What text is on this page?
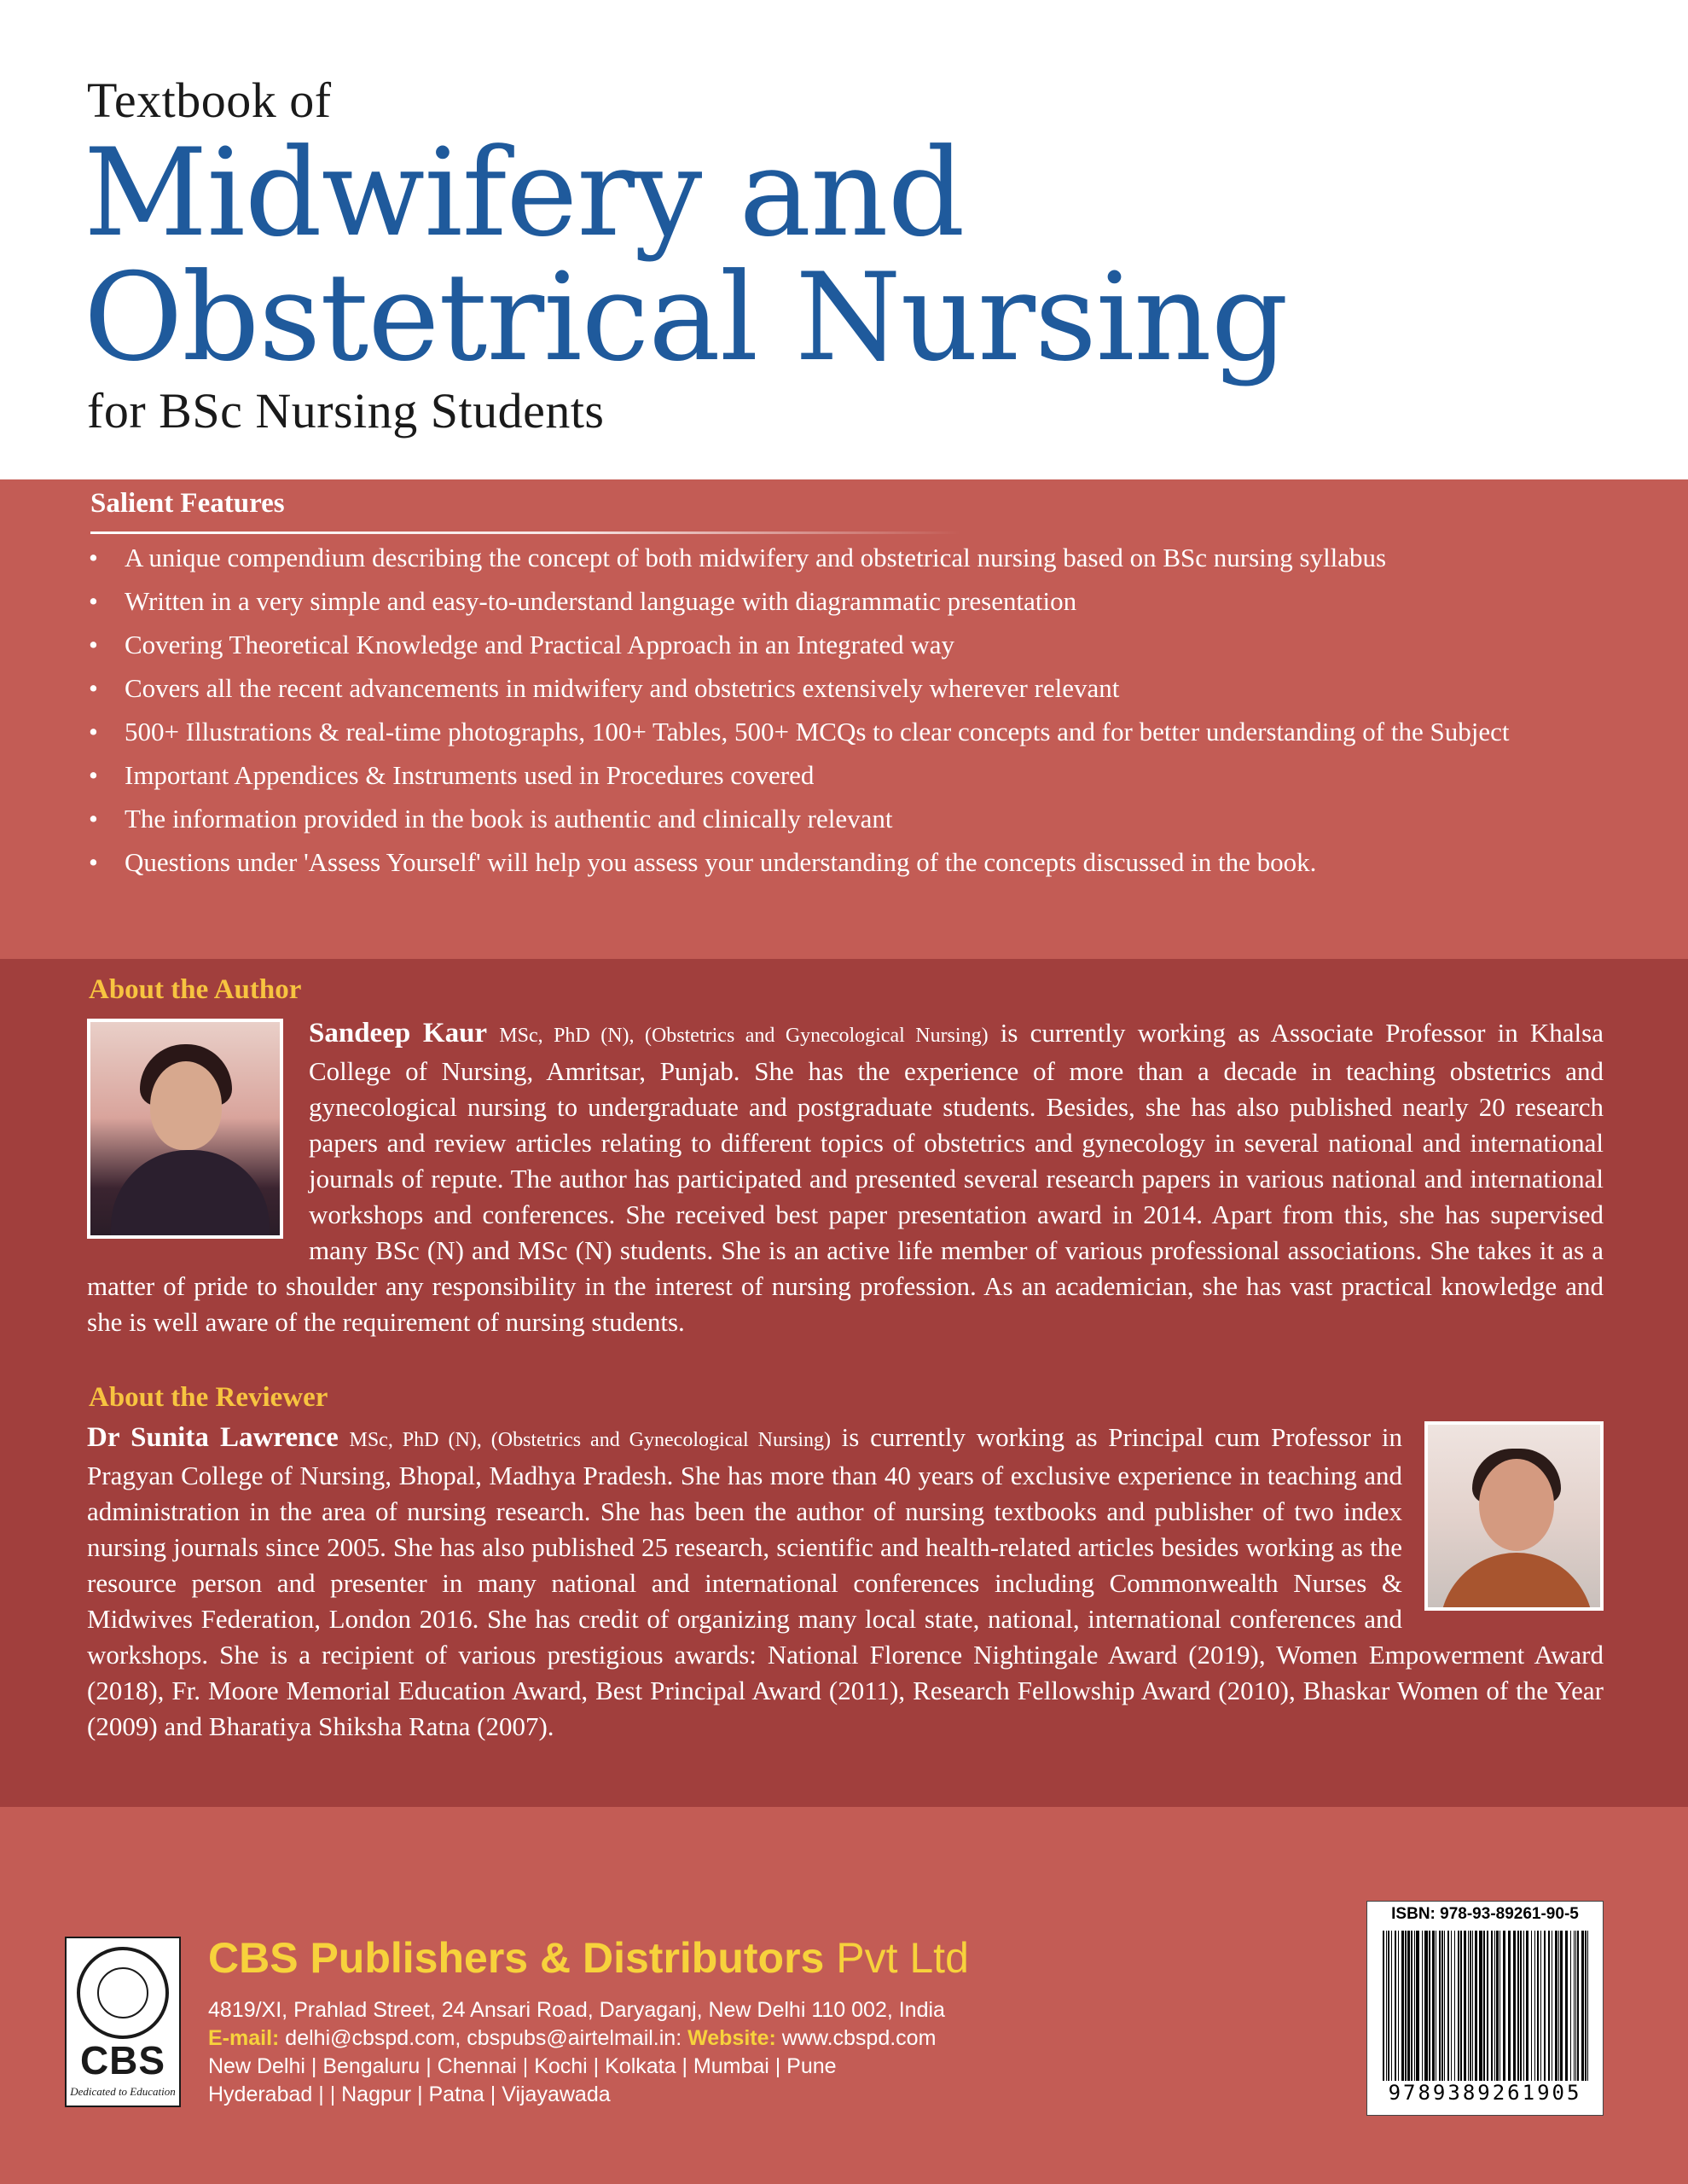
Textbook of
Midwifery and
Obstetrical Nursing
for BSc Nursing Students
Salient Features
• A unique compendium describing the concept of both midwifery and obstetrical nursing based on BSc nursing syllabus
• Written in a very simple and easy-to-understand language with diagrammatic presentation
• Covering Theoretical Knowledge and Practical Approach in an Integrated way
• Covers all the recent advancements in midwifery and obstetrics extensively wherever relevant
• 500+ Illustrations & real-time photographs, 100+ Tables, 500+ MCQs to clear concepts and for better understanding of the Subject
• Important Appendices & Instruments used in Procedures covered
• The information provided in the book is authentic and clinically relevant
• Questions under 'Assess Yourself' will help you assess your understanding of the concepts discussed in the book.
About the Author
Sandeep Kaur MSc, PhD (N), (Obstetrics and Gynecological Nursing) is currently working as Associate Professor in Khalsa College of Nursing, Amritsar, Punjab. She has the experience of more than a decade in teaching obstetrics and gynecological nursing to undergraduate and postgraduate students. Besides, she has also published nearly 20 research papers and review articles relating to different topics of obstetrics and gynecology in several national and international journals of repute. The author has participated and presented several research papers in various national and international workshops and conferences. She received best paper presentation award in 2014. Apart from this, she has supervised many BSc (N) and MSc (N) students. She is an active life member of various professional associations. She takes it as a matter of pride to shoulder any responsibility in the interest of nursing profession. As an academician, she has vast practical knowledge and she is well aware of the requirement of nursing students.
About the Reviewer
Dr Sunita Lawrence MSc, PhD (N), (Obstetrics and Gynecological Nursing) is currently working as Principal cum Professor in Pragyan College of Nursing, Bhopal, Madhya Pradesh. She has more than 40 years of exclusive experience in teaching and administration in the area of nursing research. She has been the author of nursing textbooks and publisher of two index nursing journals since 2005. She has also published 25 research, scientific and health-related articles besides working as the resource person and presenter in many national and international conferences including Commonwealth Nurses & Midwives Federation, London 2016. She has credit of organizing many local state, national, international conferences and workshops. She is a recipient of various prestigious awards: National Florence Nightingale Award (2019), Women Empowerment Award (2018), Fr. Moore Memorial Education Award, Best Principal Award (2011), Research Fellowship Award (2010), Bhaskar Women of the Year (2009) and Bharatiya Shiksha Ratna (2007).
CBS
Dedicated to Education
CBS Publishers & Distributors Pvt Ltd
4819/XI, Prahlad Street, 24 Ansari Road, Daryaganj, New Delhi 110 002, India
E-mail: delhi@cbspd.com, cbspubs@airtelmail.in: Website: www.cbspd.com
New Delhi | Bengaluru | Chennai | Kochi | Kolkata | Mumbai | Pune
Hyderabad | | Nagpur | Patna | Vijayawada
ISBN: 978-93-89261-90-5
9789389261905
